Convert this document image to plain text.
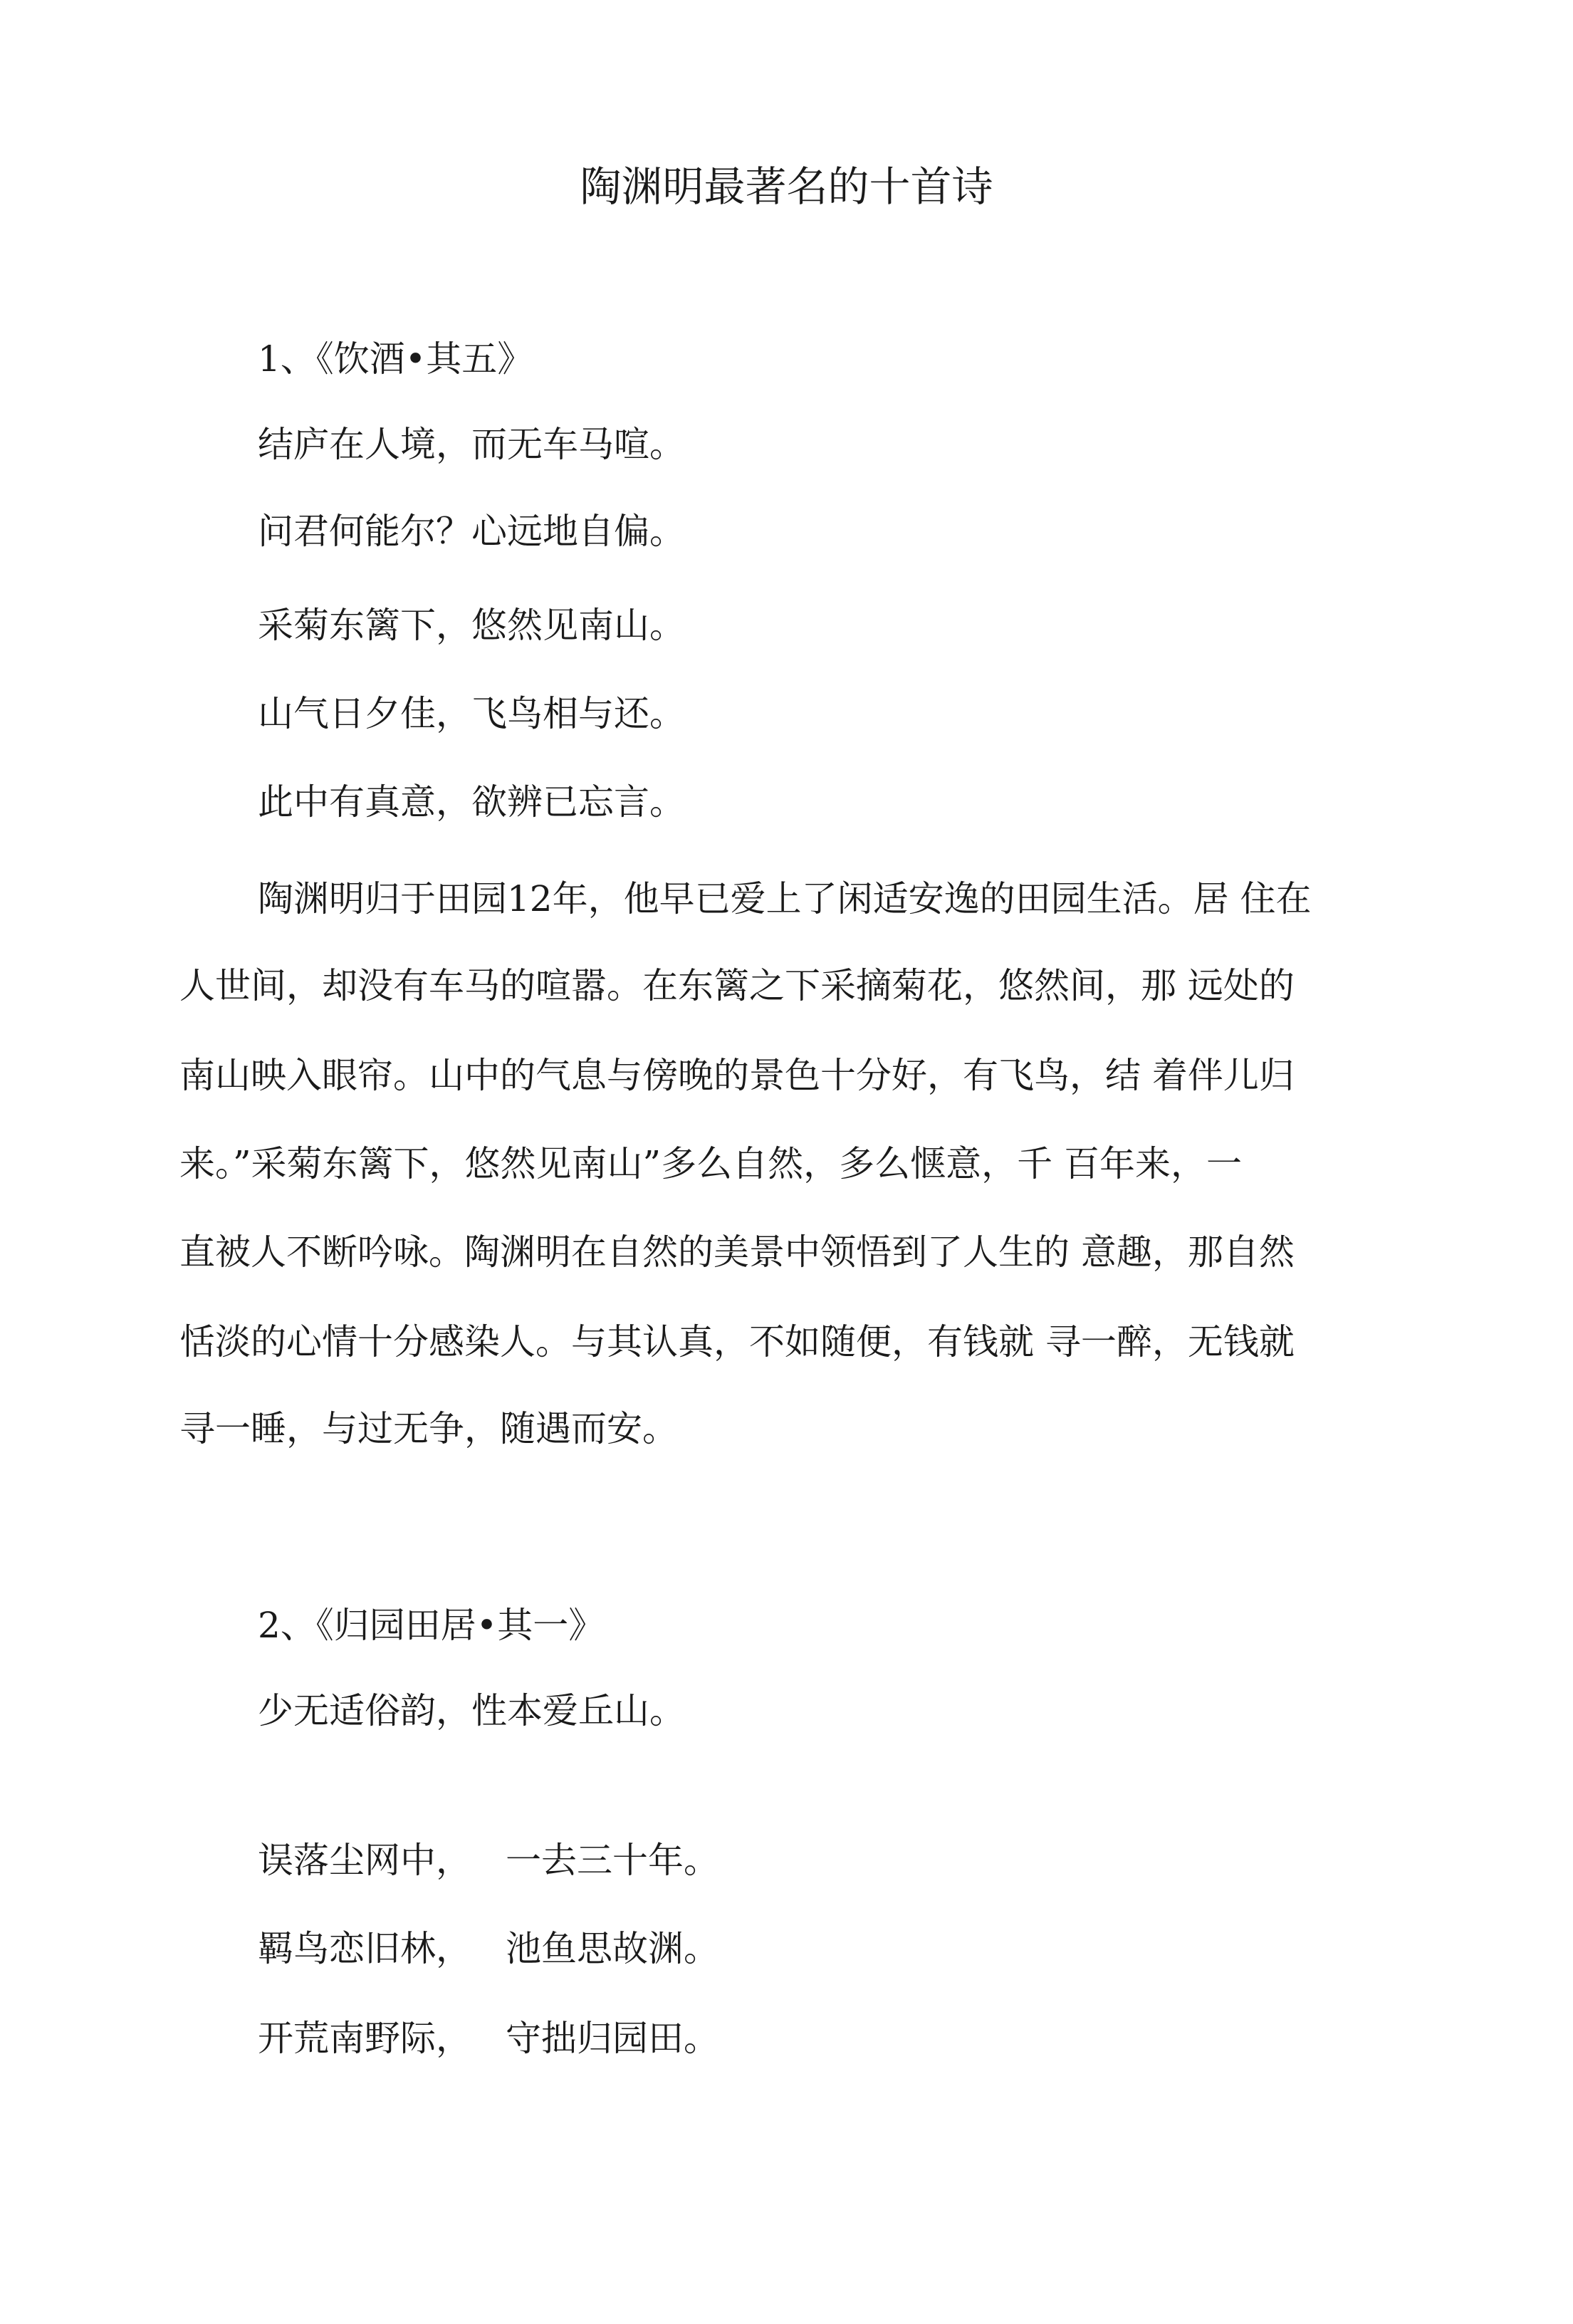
陶渊明最著名的十首诗
1、《饮酒•其五》
结庐在人境，而无车马喧。
问君何能尔？心远地自偏。
采菊东篱下，悠然见南山。
山气日夕佳，飞鸟相与还。
此中有真意，欲辨已忘言。
陶渊明归于田园12年，他早已爱上了闲适安逸的田园生活。居 住在
人世间，却没有车马的喧嚣。在东篱之下采摘菊花，悠然间，那 远处的
南山映入眼帘。山中的气息与傍晚的景色十分好，有飞鸟，结 着伴儿归
来。”采菊东篱下，悠然见南山”多么自然，多么惬意，千 百年来，一
直被人不断吟咏。陶渊明在自然的美景中领悟到了人生的 意趣，那自然
恬淡的心情十分感染人。与其认真，不如随便，有钱就 寻一醉，无钱就
寻一睡，与过无争，随遇而安。
2、《归园田居•其一》
少无适俗韵，性本爱丘山。
误落尘网中， 一去三十年。
羁鸟恋旧林， 池鱼思故渊。
开荒南野际， 守拙归园田。
